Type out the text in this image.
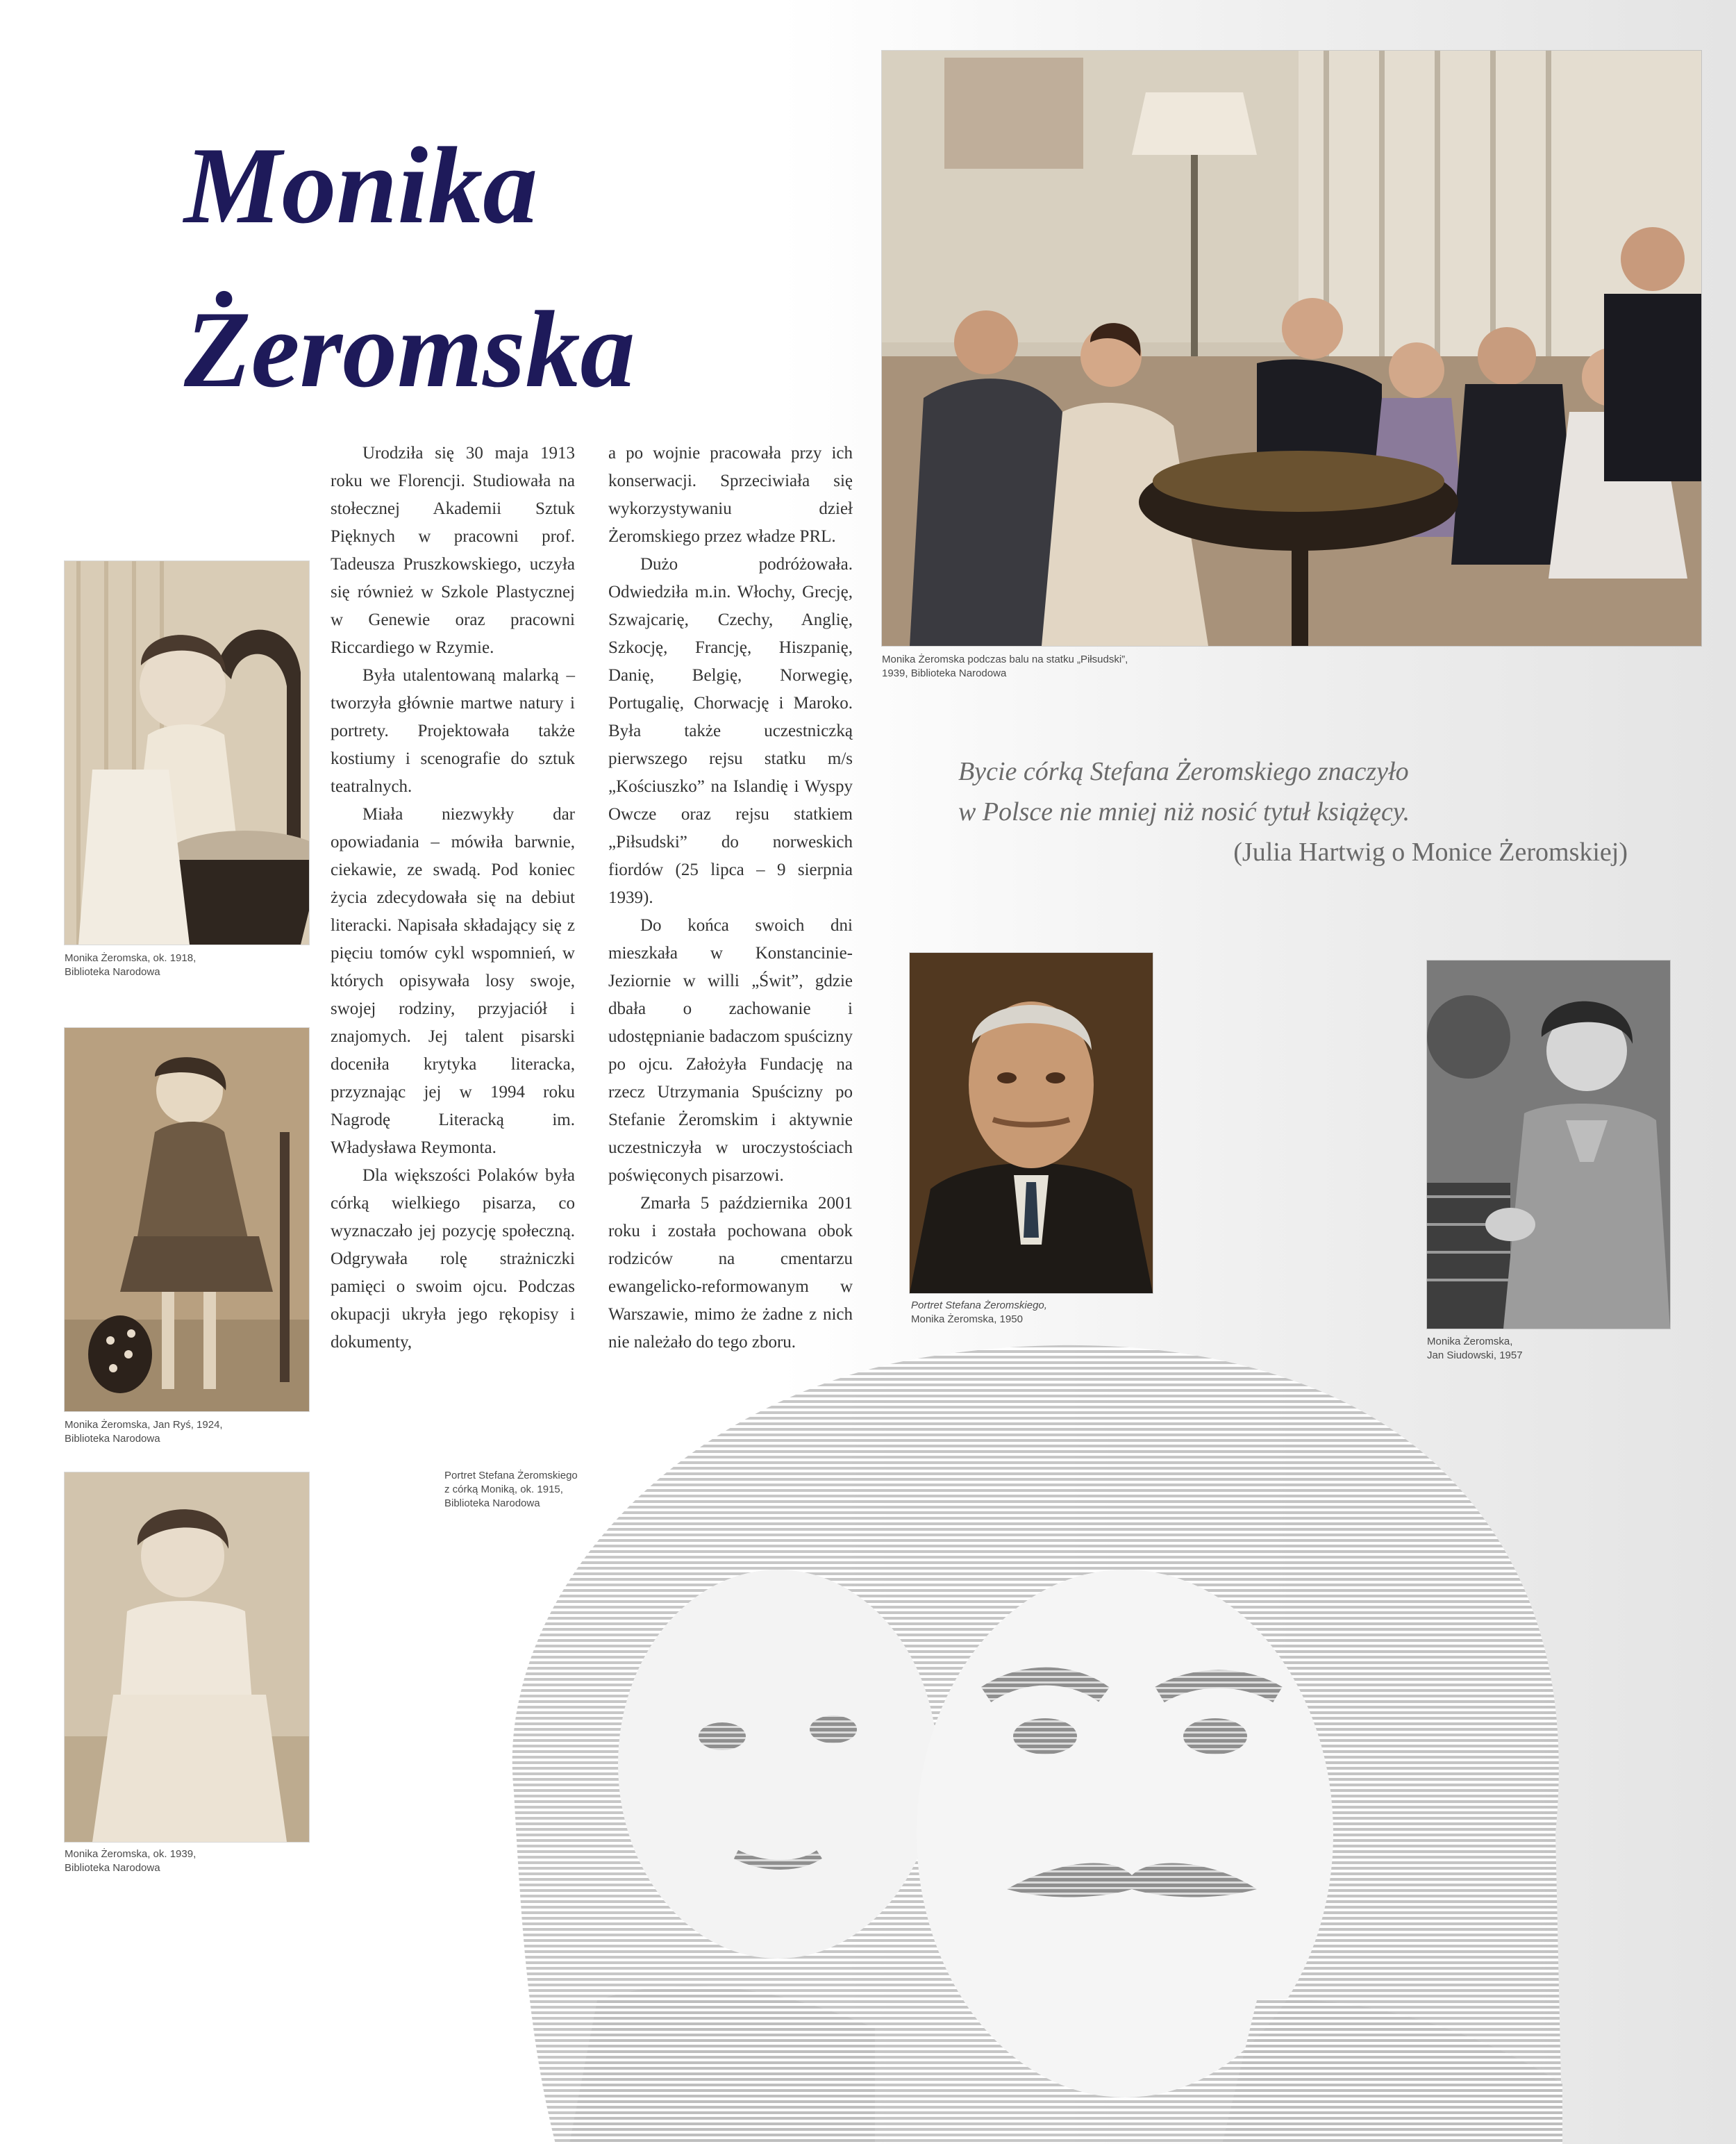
Monika
Żeromska

Urodziła się 30 maja 1913 roku we Florencji. Studiowała na stołecznej Akademii Sztuk Pięknych w pracowni prof. Tadeusza Pruszkowskiego, uczyła się również w Szkole Plastycznej w Genewie oraz pracowni Riccardiego w Rzymie.

Była utalentowaną malarką – tworzyła głównie martwe natury i portrety. Projektowała także kostiumy i scenografie do sztuk teatralnych.

Miała niezwykły dar opowiadania – mówiła barwnie, ciekawie, ze swadą. Pod koniec życia zdecydowała się na debiut literacki. Napisała składający się z pięciu tomów cykl wspomnień, w których opisywała losy swoje, swojej rodziny, przyjaciół i znajomych. Jej talent pisarski doceniła krytyka literacka, przyznając jej w 1994 roku Nagrodę Literacką im. Władysława Reymonta.

Dla większości Polaków była córką wielkiego pisarza, co wyznaczało jej pozycję społeczną. Odgrywała rolę strażniczki pamięci o swoim ojcu. Podczas okupacji ukryła jego rękopisy i dokumenty,

a po wojnie pracowała przy ich konserwacji. Sprzeciwiała się wykorzystywaniu dzieł Żeromskiego przez władze PRL.

Dużo podróżowała. Odwiedziła m.in. Włochy, Grecję, Szwajcarię, Czechy, Anglię, Szkocję, Francję, Hiszpanię, Danię, Belgię, Norwegię, Portugalię, Chorwację i Maroko. Była także uczestniczką pierwszego rejsu statku m/s „Kościuszko” na Islandię i Wyspy Owcze oraz rejsu statkiem „Piłsudski” do norweskich fiordów (25 lipca – 9 sierpnia 1939).

Do końca swoich dni mieszkała w Konstancinie-Jeziornie w willi „Świt”, gdzie dbała o zachowanie i udostępnianie badaczom spuścizny po ojcu. Założyła Fundację na rzecz Utrzymania Spuścizny po Stefanie Żeromskim i aktywnie uczestniczyła w uroczystościach poświęconych pisarzowi.

Zmarła 5 października 2001 roku i została pochowana obok rodziców na cmentarzu ewangelicko-reformowanym w Warszawie, mimo że żadne z nich nie należało do tego zboru.

Monika Żeromska, ok. 1918,
Biblioteka Narodowa
Monika Żeromska, Jan Ryś, 1924,
Biblioteka Narodowa
Monika Żeromska, ok. 1939,
Biblioteka Narodowa
Portret Stefana Żeromskiego
z córką Moniką, ok. 1915,
Biblioteka Narodowa
Monika Żeromska podczas balu na statku „Piłsudski”,
1939, Biblioteka Narodowa
Bycie córką Stefana Żeromskiego znaczyło
w Polsce nie mniej niż nosić tytuł książęcy.
(Julia Hartwig o Monice Żeromskiej)
Portret Stefana Żeromskiego,
Monika Żeromska, 1950
Monika Żeromska,
Jan Siudowski, 1957
